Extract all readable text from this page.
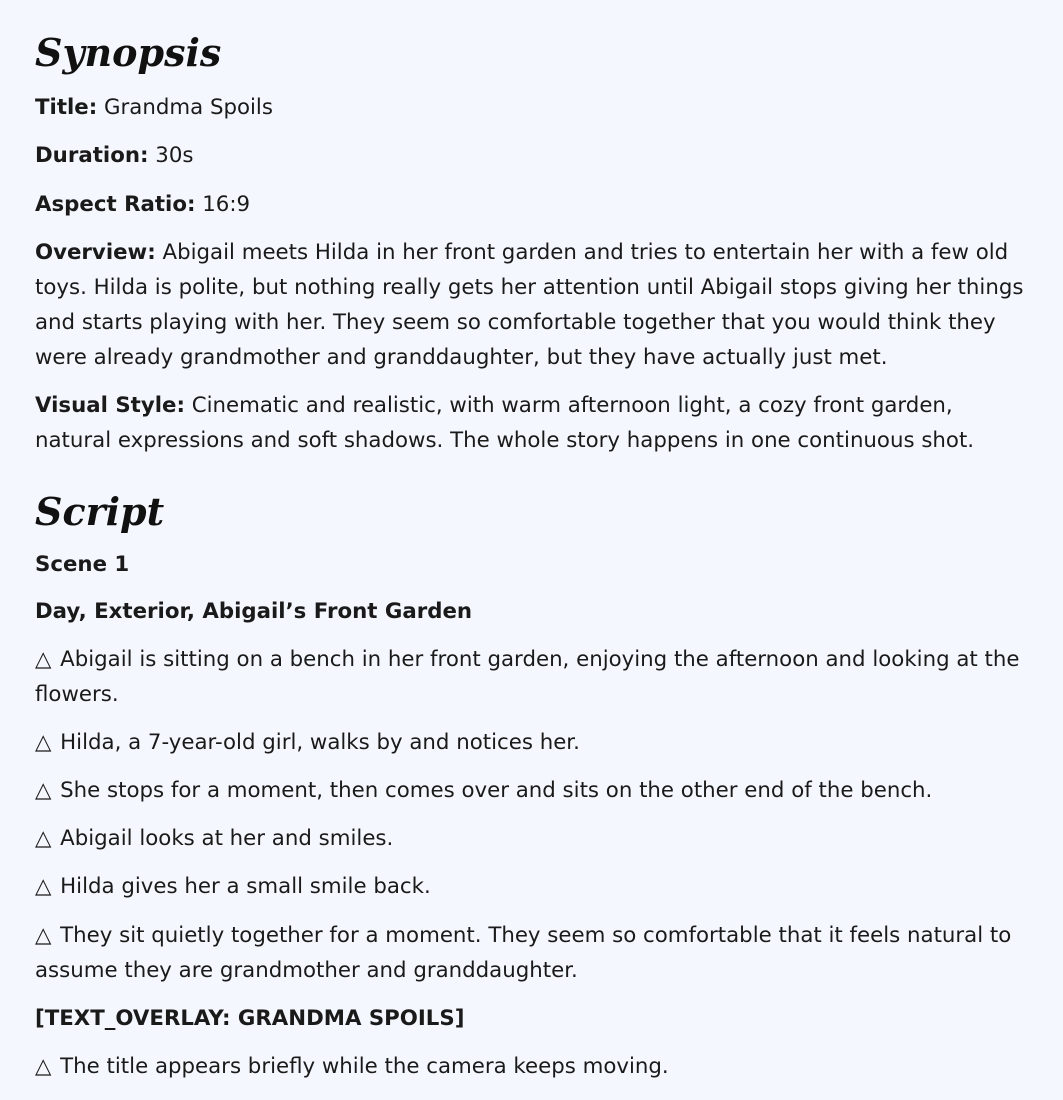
Synopsis

Title: Grandma Spoils

Duration: 30s

Aspect Ratio: 16:9

Overview: Abigail meets Hilda in her front garden and tries to entertain her with a few old toys. Hilda is polite, but nothing really gets her attention until Abigail stops giving her things and starts playing with her. They seem so comfortable together that you would think they were already grandmother and granddaughter, but they have actually just met.

Visual Style: Cinematic and realistic, with warm afternoon light, a cozy front garden, natural expressions and soft shadows. The whole story happens in one continuous shot.

Script

Scene 1

Day, Exterior, Abigail’s Front Garden

△ Abigail is sitting on a bench in her front garden, enjoying the afternoon and looking at the flowers.

△ Hilda, a 7-year-old girl, walks by and notices her.

△ She stops for a moment, then comes over and sits on the other end of the bench.

△ Abigail looks at her and smiles.

△ Hilda gives her a small smile back.

△ They sit quietly together for a moment. They seem so comfortable that it feels natural to assume they are grandmother and granddaughter.

[TEXT_OVERLAY: GRANDMA SPOILS]

△ The title appears briefly while the camera keeps moving.
